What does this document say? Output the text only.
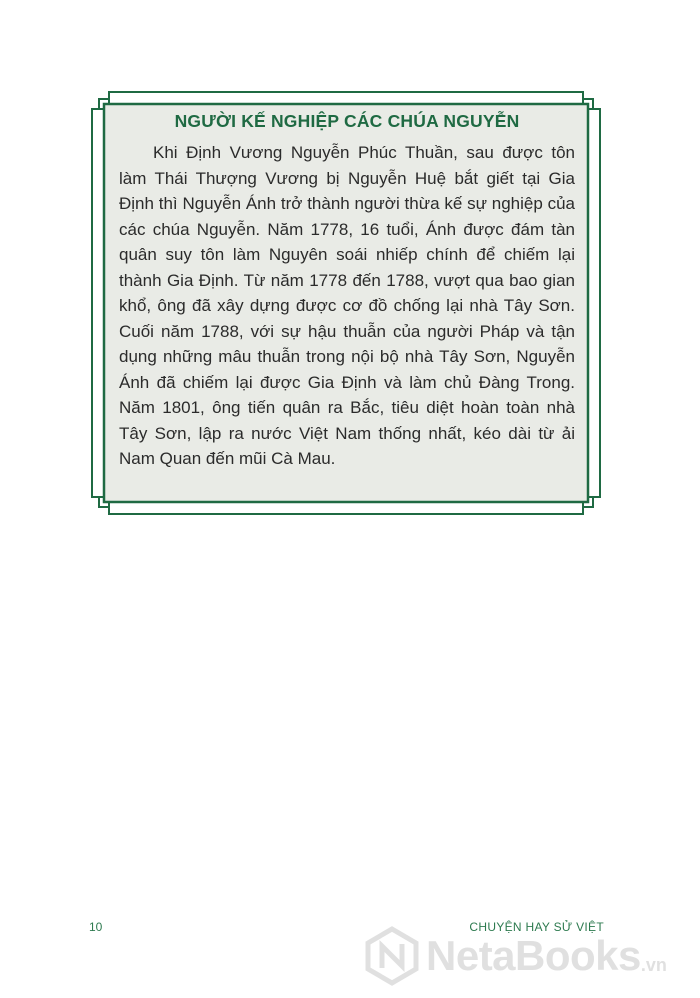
NGƯỜI KẾ NGHIỆP CÁC CHÚA NGUYỄN

Khi Định Vương Nguyễn Phúc Thuần, sau được tôn làm Thái Thượng Vương bị Nguyễn Huệ bắt giết tại Gia Định thì Nguyễn Ánh trở thành người thừa kế sự nghiệp của các chúa Nguyễn. Năm 1778, 16 tuổi, Ánh được đám tàn quân suy tôn làm Nguyên soái nhiếp chính để chiếm lại thành Gia Định. Từ năm 1778 đến 1788, vượt qua bao gian khổ, ông đã xây dựng được cơ đồ chống lại nhà Tây Sơn. Cuối năm 1788, với sự hậu thuẫn của người Pháp và tận dụng những mâu thuẫn trong nội bộ nhà Tây Sơn, Nguyễn Ánh đã chiếm lại được Gia Định và làm chủ Đàng Trong. Năm 1801, ông tiến quân ra Bắc, tiêu diệt hoàn toàn nhà Tây Sơn, lập ra nước Việt Nam thống nhất, kéo dài từ ải Nam Quan đến mũi Cà Mau.

10	CHUYỆN HAY SỬ VIỆT
NetaBooks .vn
